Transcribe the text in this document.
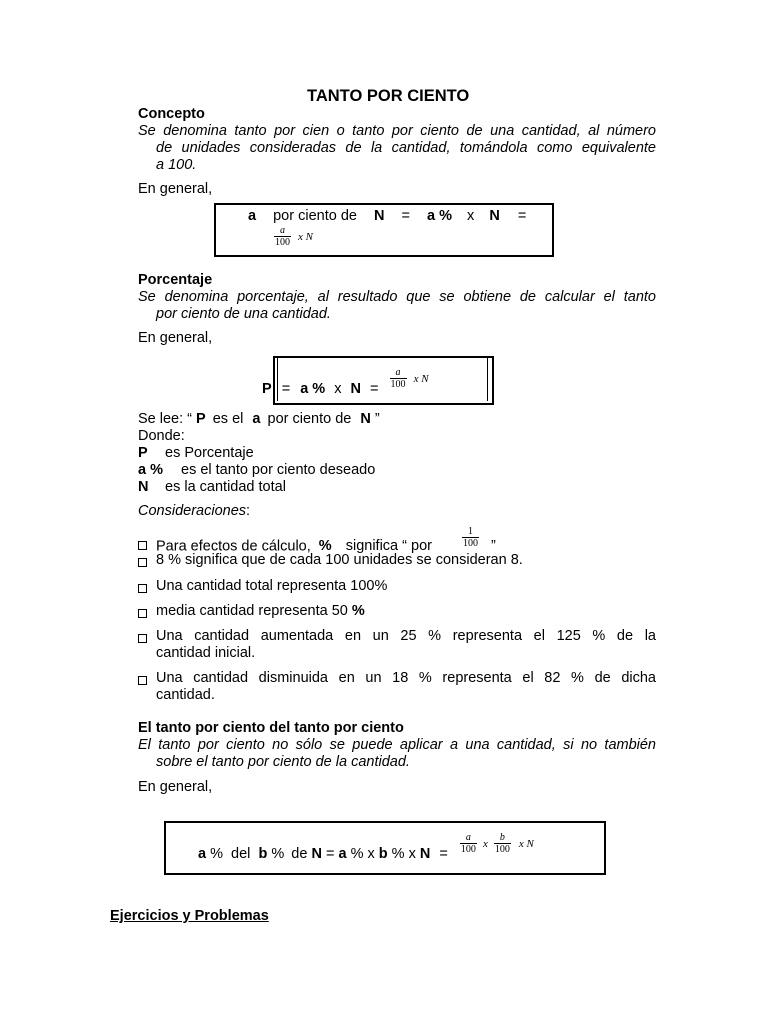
TANTO POR CIENTO
Concepto
Se denomina tanto por cien o tanto por ciento de una cantidad, al número
de unidades consideradas de la cantidad, tomándola como equivalente
a 100.
En general,
a por ciento de N = a % x N =
$\frac{a}{100}$ x N
Porcentaje
Se denomina porcentaje, al resultado que se obtiene de calcular el tanto
por ciento de una cantidad.
En general,
P = a % x $N = \frac{a}{100}$ x N
Se lee: “ P es el a por ciento de N ”
Donde:
P es Porcentaje
a % es el tanto por ciento deseado
N es la cantidad total
Consideraciones:
Para efectos de cálculo, % significa “ por	$\frac{1}{100}$ ”
8 % significa que de cada 100 unidades se consideran 8.
Una cantidad total representa 100%
media cantidad representa 50 %
Una cantidad aumentada en un 25 % representa el 125 % de la
cantidad inicial.
Una cantidad disminuida en un 18 % representa el 82 % de dicha
cantidad.
El tanto por ciento del tanto por ciento
El tanto por ciento no sólo se puede aplicar a una cantidad, si no también
sobre el tanto por ciento de la cantidad.
En general,
a % del b % de N = a % x b % x $N = \frac{a}{100}$ x $\frac{b}{100}$ x N
Ejercicios y Problemas
